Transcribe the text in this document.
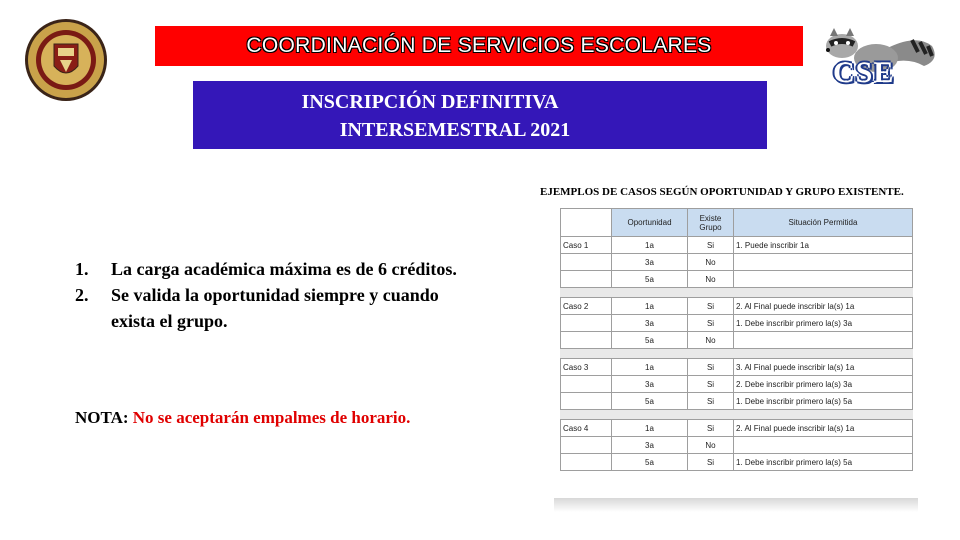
COORDINACIÓN DE SERVICIOS ESCOLARES
CSE
INSCRIPCIÓN DEFINITIVA
INTERSEMESTRAL 2021
1. La carga académica máxima es de 6 créditos.
2. Se valida la oportunidad siempre y cuando
exista el grupo.
NOTA: No se aceptarán empalmes de horario.
EJEMPLOS DE CASOS SEGÚN OPORTUNIDAD Y GRUPO EXISTENTE.
	Oportunidad	Existe Grupo	Situación Permitida
Caso 1	1a	Si	1. Puede inscribir 1a
	3a	No	
	5a	No	

Caso 2	1a	Si	2. Al Final puede inscribir la(s) 1a
	3a	Si	1. Debe inscribir primero la(s) 3a
	5a	No	

Caso 3	1a	Si	3. Al Final puede inscribir la(s) 1a
	3a	Si	2. Debe inscribir primero la(s) 3a
	5a	Si	1. Debe inscribir primero la(s) 5a

Caso 4	1a	Si	2. Al Final puede inscribir la(s) 1a
	3a	No	
	5a	Si	1. Debe inscribir primero la(s) 5a
